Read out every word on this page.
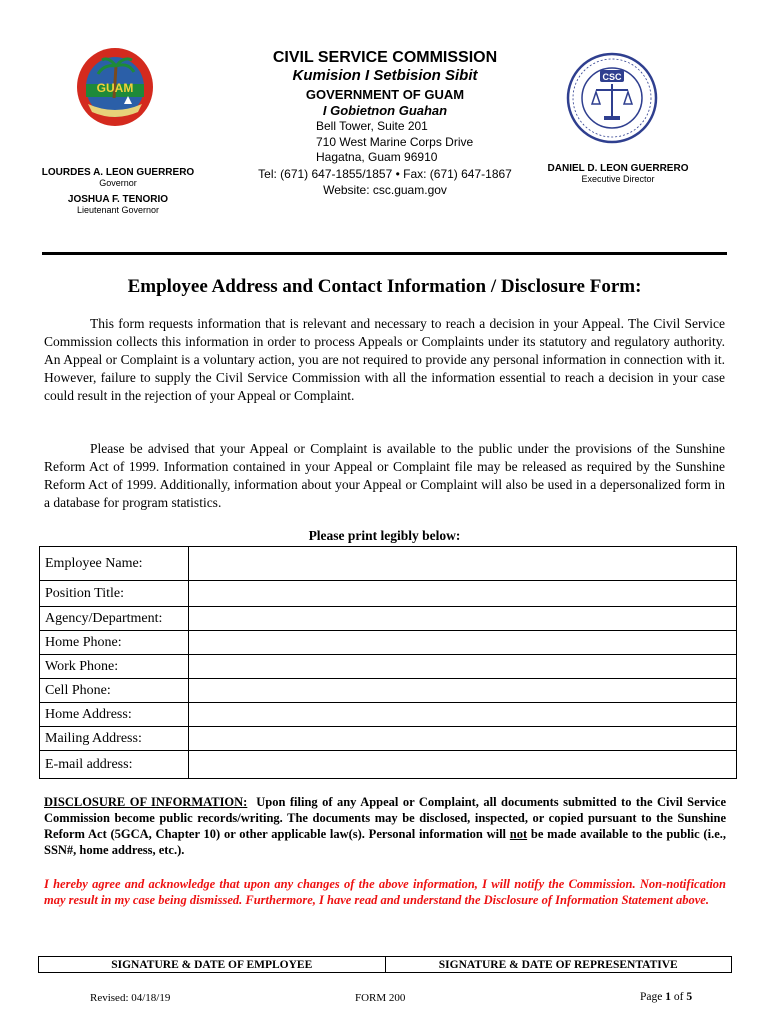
GUAM
CIVIL SERVICE COMMISSION
Kumision I Setbision Sibit
GOVERNMENT OF GUAM
I Gobietnon Guahan
Bell Tower, Suite 201
710 West Marine Corps Drive
Hagatna, Guam 96910
Tel: (671) 647-1855/1857 • Fax: (671) 647-1867
Website: csc.guam.gov
LOURDES A. LEON GUERRERO
Governor
JOSHUA F. TENORIO
Lieutenant Governor
CSC
DANIEL D. LEON GUERRERO
Executive Director
Employee Address and Contact Information / Disclosure Form:
This form requests information that is relevant and necessary to reach a decision in your Appeal. The Civil Service Commission collects this information in order to process Appeals or Complaints under its statutory and regulatory authority. An Appeal or Complaint is a voluntary action, you are not required to provide any personal information in connection with it. However, failure to supply the Civil Service Commission with all the information essential to reach a decision in your case could result in the rejection of your Appeal or Complaint.
Please be advised that your Appeal or Complaint is available to the public under the provisions of the Sunshine Reform Act of 1999. Information contained in your Appeal or Complaint file may be released as required by the Sunshine Reform Act of 1999. Additionally, information about your Appeal or Complaint will also be used in a depersonalized form in a database for program statistics.
Please print legibly below:
Employee Name:	
Position Title:	
Agency/Department:	
Home Phone:	
Work Phone:	
Cell Phone:	
Home Address:	
Mailing Address:	
E-mail address:	
DISCLOSURE OF INFORMATION: Upon filing of any Appeal or Complaint, all documents submitted to the Civil Service Commission become public records/writing. The documents may be disclosed, inspected, or copied pursuant to the Sunshine Reform Act (5GCA, Chapter 10) or other applicable law(s). Personal information will not be made available to the public (i.e., SSN#, home address, etc.).
I hereby agree and acknowledge that upon any changes of the above information, I will notify the Commission. Non-notification may result in my case being dismissed. Furthermore, I have read and understand the Disclosure of Information Statement above.
SIGNATURE & DATE OF EMPLOYEE	SIGNATURE & DATE OF REPRESENTATIVE
Revised: 04/18/19	FORM 200	Page 1 of 5
